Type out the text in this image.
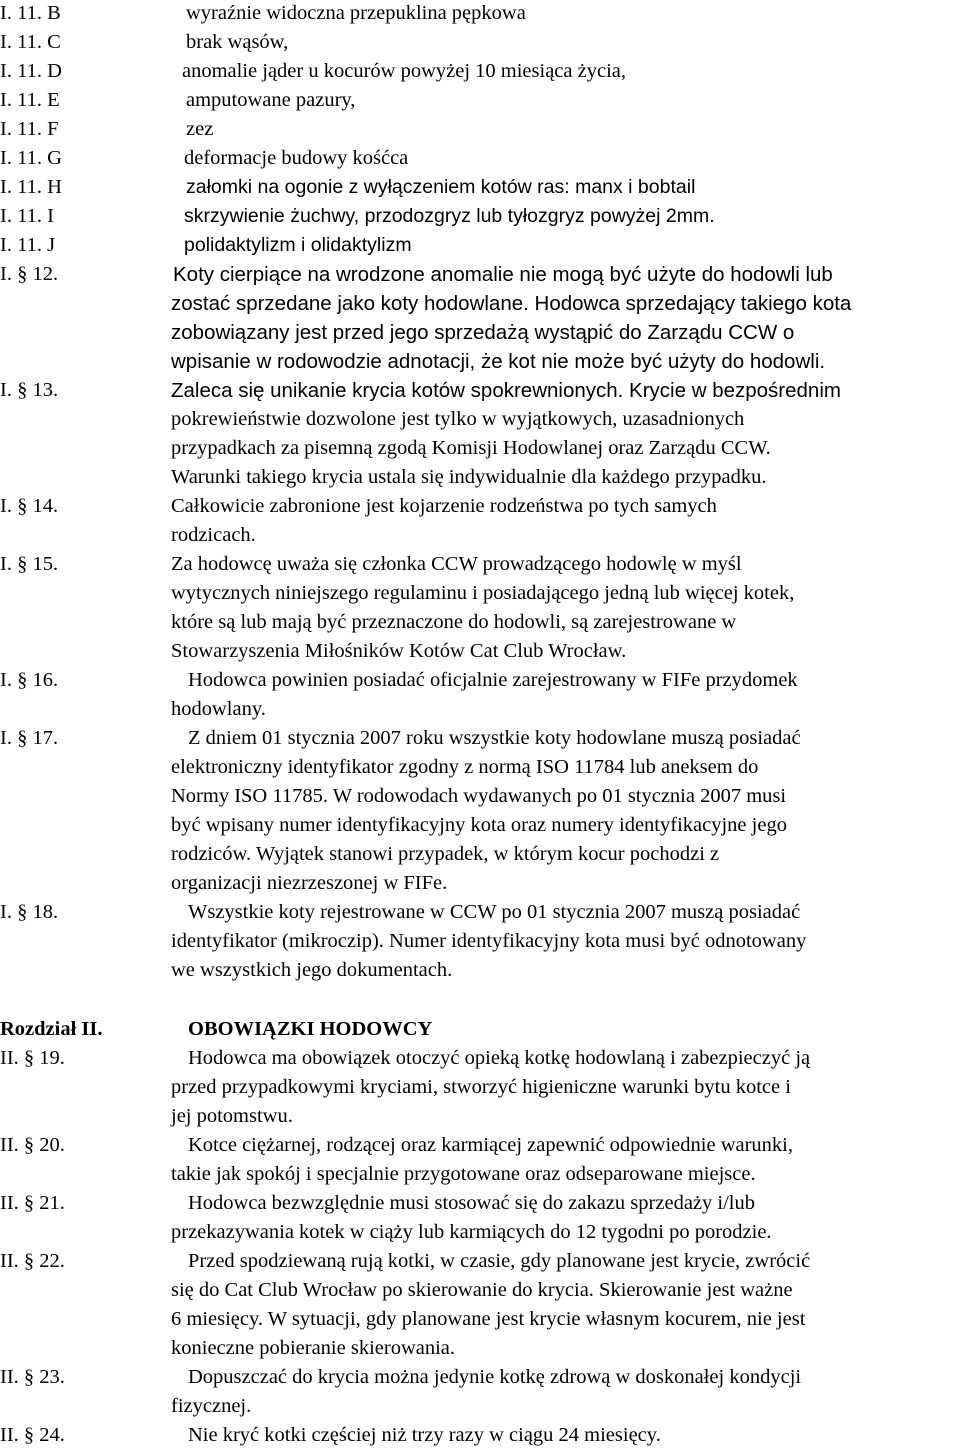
I. 11. B	wyraźnie widoczna przepuklina pępkowa
I. 11. C	brak wąsów,
I. 11. D	anomalie jąder u kocurów powyżej 10 miesiąca życia,
I. 11. E	amputowane pazury,
I. 11. F	zez
I. 11. G	deformacje budowy kośćca
I. 11. H	załomki na ogonie z wyłączeniem kotów ras: manx i bobtail
I. 11. I	skrzywienie żuchwy, przodozgryz lub tyłozgryz powyżej 2mm.
I. 11. J	polidaktylizm i olidaktylizm
I. § 12.	Koty cierpiące na wrodzone anomalie nie mogą być użyte do hodowli lub
zostać sprzedane jako koty hodowlane. Hodowca sprzedający takiego kota
zobowiązany jest przed jego sprzedażą wystąpić do Zarządu CCW o
wpisanie w rodowodzie adnotacji, że kot nie może być użyty do hodowli.
I. § 13.	Zaleca się unikanie krycia kotów spokrewnionych. Krycie w bezpośrednim
pokrewieństwie dozwolone jest tylko w wyjątkowych, uzasadnionych
przypadkach za pisemną zgodą Komisji Hodowlanej oraz Zarządu CCW.
Warunki takiego krycia ustala się indywidualnie dla każdego przypadku.
I. § 14.	Całkowicie zabronione jest kojarzenie rodzeństwa po tych samych
rodzicach.
I. § 15.	Za hodowcę uważa się członka CCW prowadzącego hodowlę w myśl
wytycznych niniejszego regulaminu i posiadającego jedną lub więcej kotek,
które są lub mają być przeznaczone do hodowli, są zarejestrowane w
Stowarzyszenia Miłośników Kotów Cat Club Wrocław.
I. § 16.	Hodowca powinien posiadać oficjalnie zarejestrowany w FIFe przydomek
hodowlany.
I. § 17.	Z dniem 01 stycznia 2007 roku wszystkie koty hodowlane muszą posiadać
elektroniczny identyfikator zgodny z normą ISO 11784 lub aneksem do
Normy ISO 11785. W rodowodach wydawanych po 01 stycznia 2007 musi
być wpisany numer identyfikacyjny kota oraz numery identyfikacyjne jego
rodziców. Wyjątek stanowi przypadek, w którym kocur pochodzi z
organizacji niezrzeszonej w FIFe.
I. § 18.	Wszystkie koty rejestrowane w CCW po 01 stycznia 2007 muszą posiadać
identyfikator (mikroczip). Numer identyfikacyjny kota musi być odnotowany
we wszystkich jego dokumentach.
Rozdział II.	OBOWIĄZKI HODOWCY
II. § 19.	Hodowca ma obowiązek otoczyć opieką kotkę hodowlaną i zabezpieczyć ją
przed przypadkowymi kryciami, stworzyć higieniczne warunki bytu kotce i
jej potomstwu.
II. § 20.	Kotce ciężarnej, rodzącej oraz karmiącej zapewnić odpowiednie warunki,
takie jak spokój i specjalnie przygotowane oraz odseparowane miejsce.
II. § 21.	Hodowca bezwzględnie musi stosować się do zakazu sprzedaży i/lub
przekazywania kotek w ciąży lub karmiących do 12 tygodni po porodzie.
II. § 22.	Przed spodziewaną rują kotki, w czasie, gdy planowane jest krycie, zwrócić
się do Cat Club Wrocław po skierowanie do krycia. Skierowanie jest ważne
6 miesięcy. W sytuacji, gdy planowane jest krycie własnym kocurem, nie jest
konieczne pobieranie skierowania.
II. § 23.	Dopuszczać do krycia można jedynie kotkę zdrową w doskonałej kondycji
fizycznej.
II. § 24.	Nie kryć kotki częściej niż trzy razy w ciągu 24 miesięcy.
